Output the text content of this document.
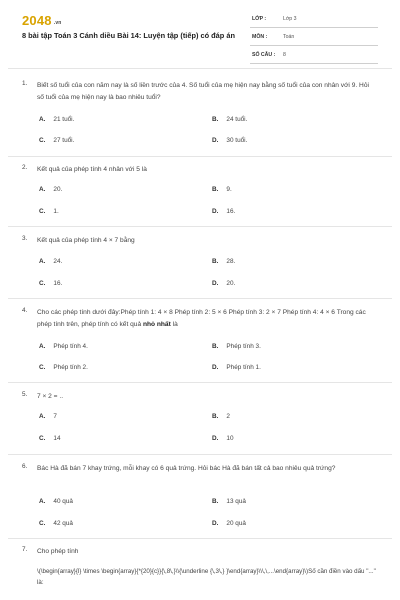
2048 .vn
8 bài tập Toán 3 Cánh diều Bài 14: Luyện tập (tiếp) có đáp án
LỚP :	Lớp 3
MÔN :	Toán
SỐ CÂU : 8
1. Biết số tuổi của con năm nay là số liền trước của 4. Số tuổi của mẹ hiện nay bằng số tuổi của con nhân với 9. Hỏi số tuổi của mẹ hiện nay là bao nhiêu tuổi?
A. 21 tuổi.	B. 24 tuổi.
C. 27 tuổi.	D. 30 tuổi.
2. Kết quả của phép tính 4 nhân với 5 là
A. 20.	B. 9.
C. 1.	D. 16.
3. Kết quả của phép tính 4 × 7 bằng
A. 24.	B. 28.
C. 16.	D. 20.
4. Cho các phép tính dưới đây:Phép tính 1: 4 × 8 Phép tính 2: 5 × 6 Phép tính 3: 2 × 7 Phép tính 4: 4 × 6 Trong các phép tính trên, phép tính có kết quả nhỏ nhất là
A. Phép tính 4.	B. Phép tính 3.
C. Phép tính 2.	D. Phép tính 1.
5. 7 × 2 = ..
A. 7	B. 2
C. 14	D. 10
6. Bác Hà đã bán 7 khay trứng, mỗi khay có 6 quả trứng. Hỏi bác Hà đã bán tất cả bao nhiêu quả trứng?
A. 40 quả	B. 13 quả
C. 42 quả	D. 20 quả
7. Cho phép tính
\(\begin{array}{l} \times \begin{array}{*{20}{c}}{\,8\,}\\{\underline {\,3\,} }\end{array}\\\,\,...\end{array}\)Số cần điền vào dấu "..." là:
